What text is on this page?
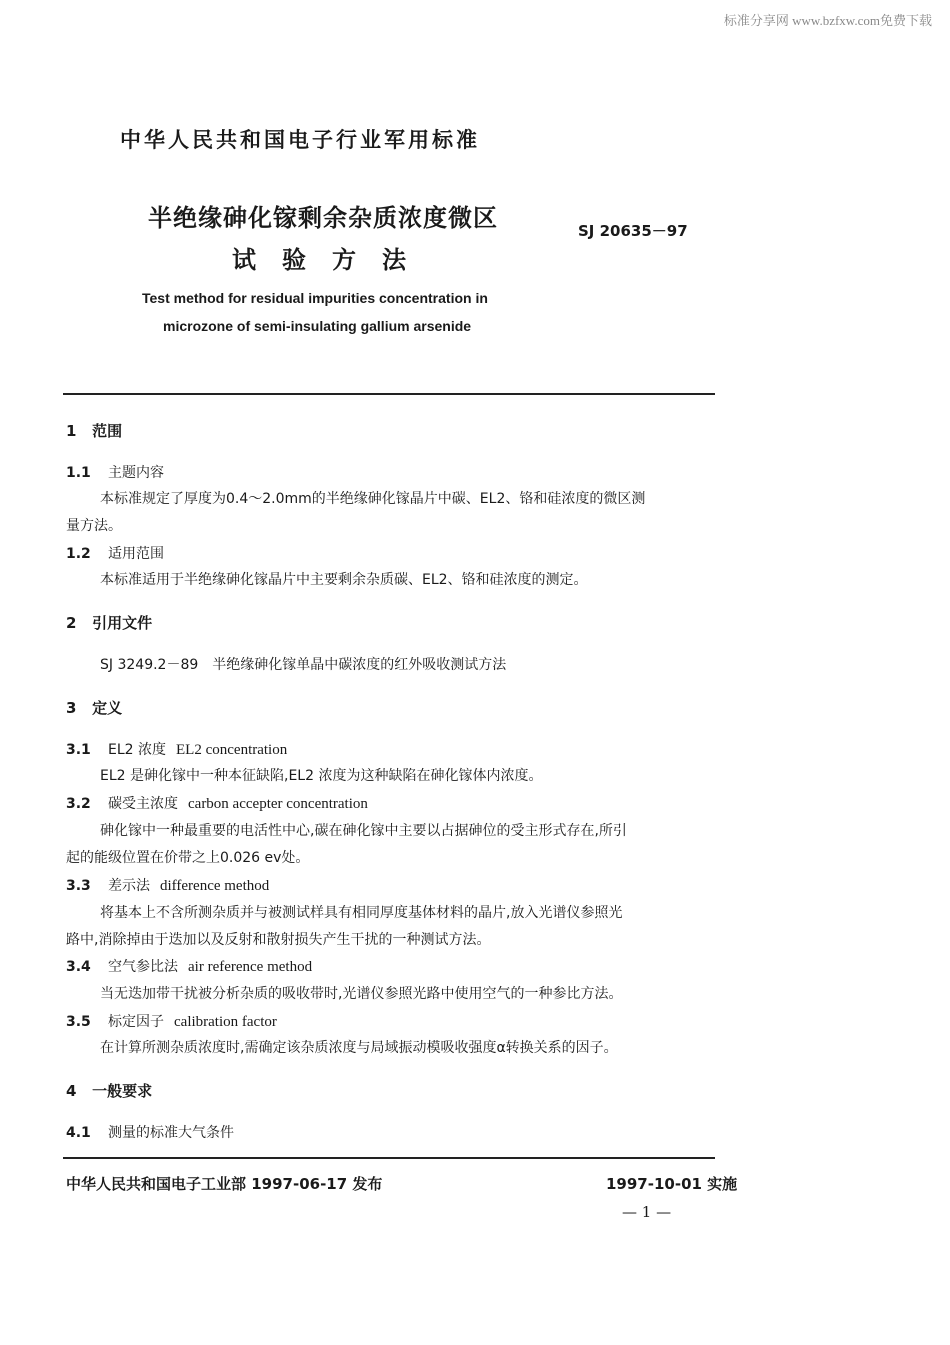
标准分享网 www.bzfxw.com免费下载
中华人民共和国电子行业军用标准
半绝缘砷化镓剩余杂质浓度微区
试验方法
SJ 20635－97
Test method for residual impurities concentration in
microzone of semi-insulating gallium arsenide
1 范围
1.1 主题内容
本标准规定了厚度为0.4～2.0mm的半绝缘砷化镓晶片中碳、EL2、铬和硅浓度的微区测
量方法。
1.2 适用范围
本标准适用于半绝缘砷化镓晶片中主要剩余杂质碳、EL2、铬和硅浓度的测定。
2 引用文件
SJ 3249.2－89　半绝缘砷化镓单晶中碳浓度的红外吸收测试方法
3 定义
3.1 EL2 浓度 EL2 concentration
EL2 是砷化镓中一种本征缺陷,EL2 浓度为这种缺陷在砷化镓体内浓度。
3.2 碳受主浓度 carbon accepter concentration
砷化镓中一种最重要的电活性中心,碳在砷化镓中主要以占据砷位的受主形式存在,所引
起的能级位置在价带之上0.026 ev处。
3.3 差示法 difference method
将基本上不含所测杂质并与被测试样具有相同厚度基体材料的晶片,放入光谱仪参照光
路中,消除掉由于迭加以及反射和散射损失产生干扰的一种测试方法。
3.4 空气参比法 air reference method
当无迭加带干扰被分析杂质的吸收带时,光谱仪参照光路中使用空气的一种参比方法。
3.5 标定因子 calibration factor
在计算所测杂质浓度时,需确定该杂质浓度与局域振动模吸收强度α转换关系的因子。
4 一般要求
4.1 测量的标准大气条件
中华人民共和国电子工业部 1997-06-17 发布	1997-10-01 实施
— 1 —
